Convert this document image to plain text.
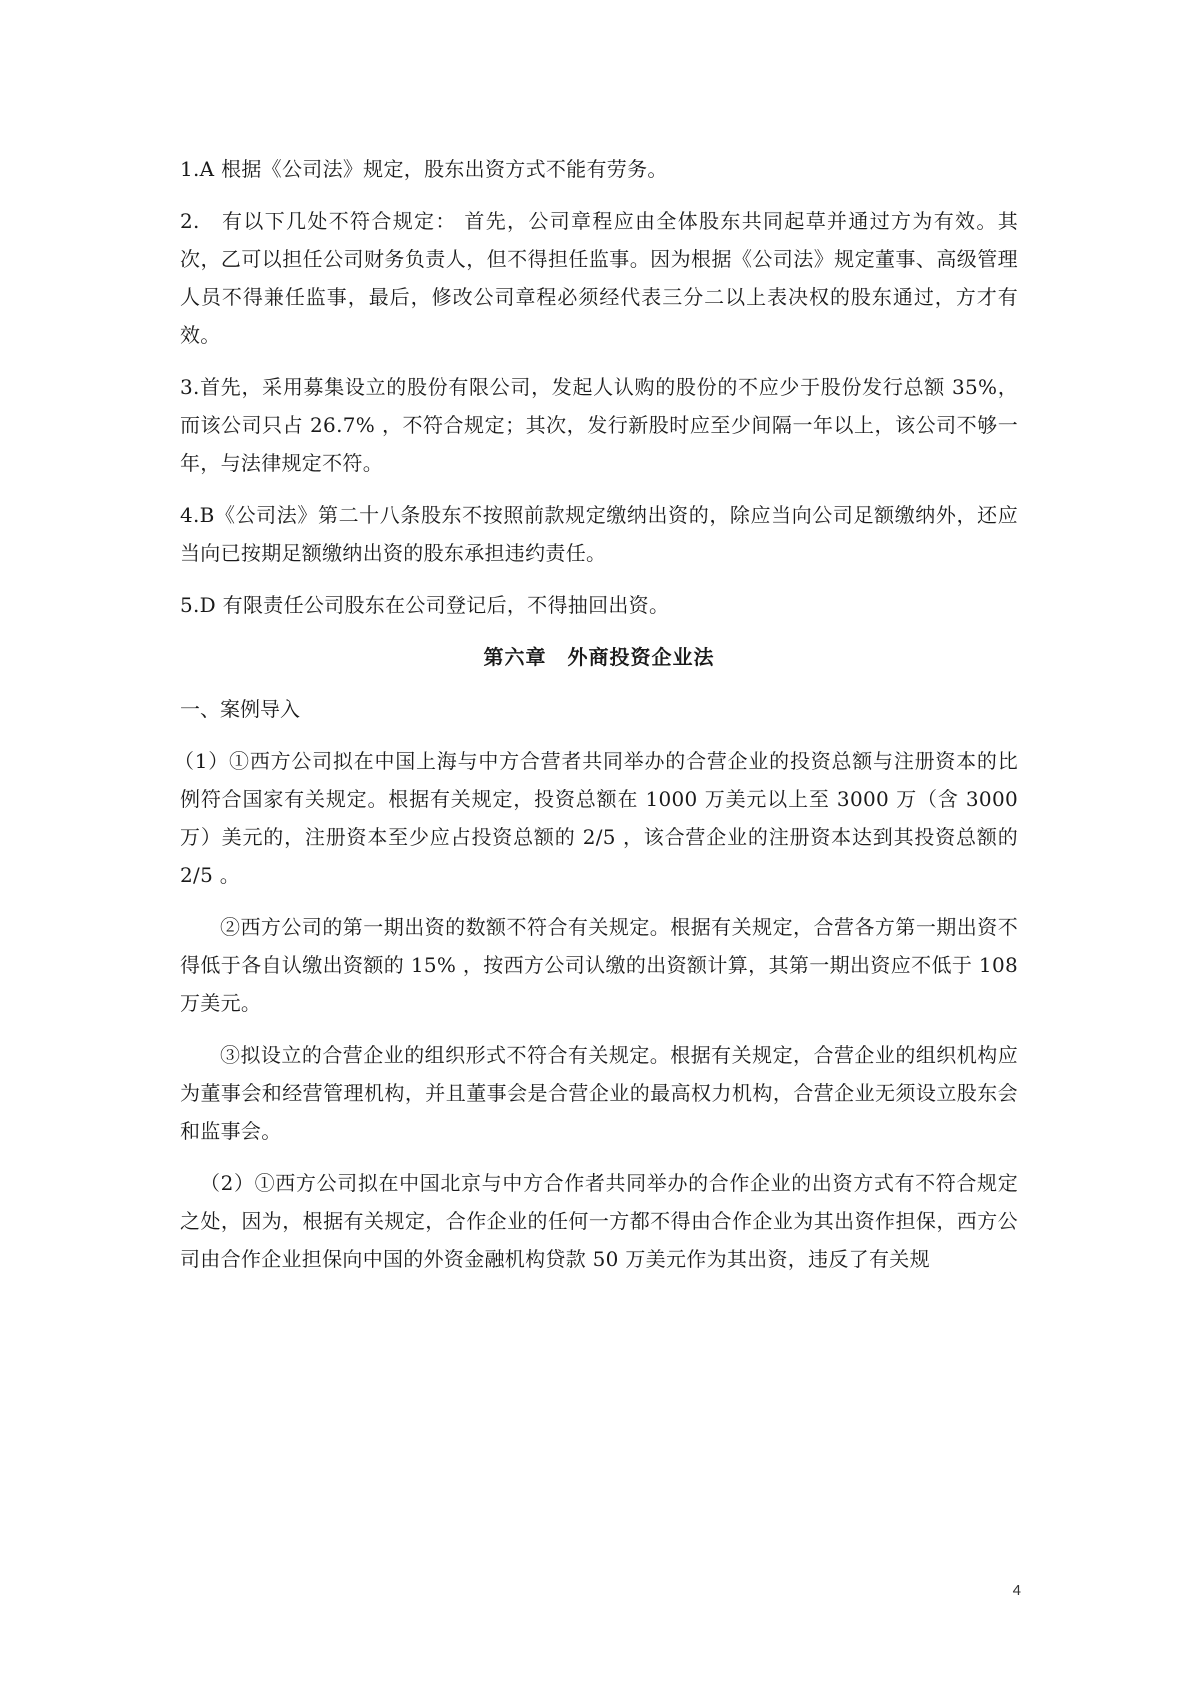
1.A 根据《公司法》规定，股东出资方式不能有劳务。

2.　有以下几处不符合规定： 首先，公司章程应由全体股东共同起草并通过方为有效。其次，乙可以担任公司财务负责人，但不得担任监事。因为根据《公司法》规定董事、高级管理人员不得兼任监事，最后，修改公司章程必须经代表三分二以上表决权的股东通过，方才有效。

3.首先，采用募集设立的股份有限公司，发起人认购的股份的不应少于股份发行总额 35%，而该公司只占 26.7% ，不符合规定；其次，发行新股时应至少间隔一年以上，该公司不够一年，与法律规定不符。

4.B《公司法》第二十八条股东不按照前款规定缴纳出资的，除应当向公司足额缴纳外，还应当向已按期足额缴纳出资的股东承担违约责任。

5.D 有限责任公司股东在公司登记后，不得抽回出资。

第六章　外商投资企业法
一、案例导入

（1）①西方公司拟在中国上海与中方合营者共同举办的合营企业的投资总额与注册资本的比例符合国家有关规定。根据有关规定，投资总额在 1000 万美元以上至 3000 万（含 3000 万）美元的，注册资本至少应占投资总额的 2/5 ，该合营企业的注册资本达到其投资总额的 2/5 。

②西方公司的第一期出资的数额不符合有关规定。根据有关规定，合营各方第一期出资不得低于各自认缴出资额的 15% ，按西方公司认缴的出资额计算，其第一期出资应不低于 108 万美元。

③拟设立的合营企业的组织形式不符合有关规定。根据有关规定，合营企业的组织机构应为董事会和经营管理机构，并且董事会是合营企业的最高权力机构，合营企业无须设立股东会和监事会。

（2）①西方公司拟在中国北京与中方合作者共同举办的合作企业的出资方式有不符合规定之处，因为，根据有关规定，合作企业的任何一方都不得由合作企业为其出资作担保，西方公司由合作企业担保向中国的外资金融机构贷款 50 万美元作为其出资，违反了有关规

4
